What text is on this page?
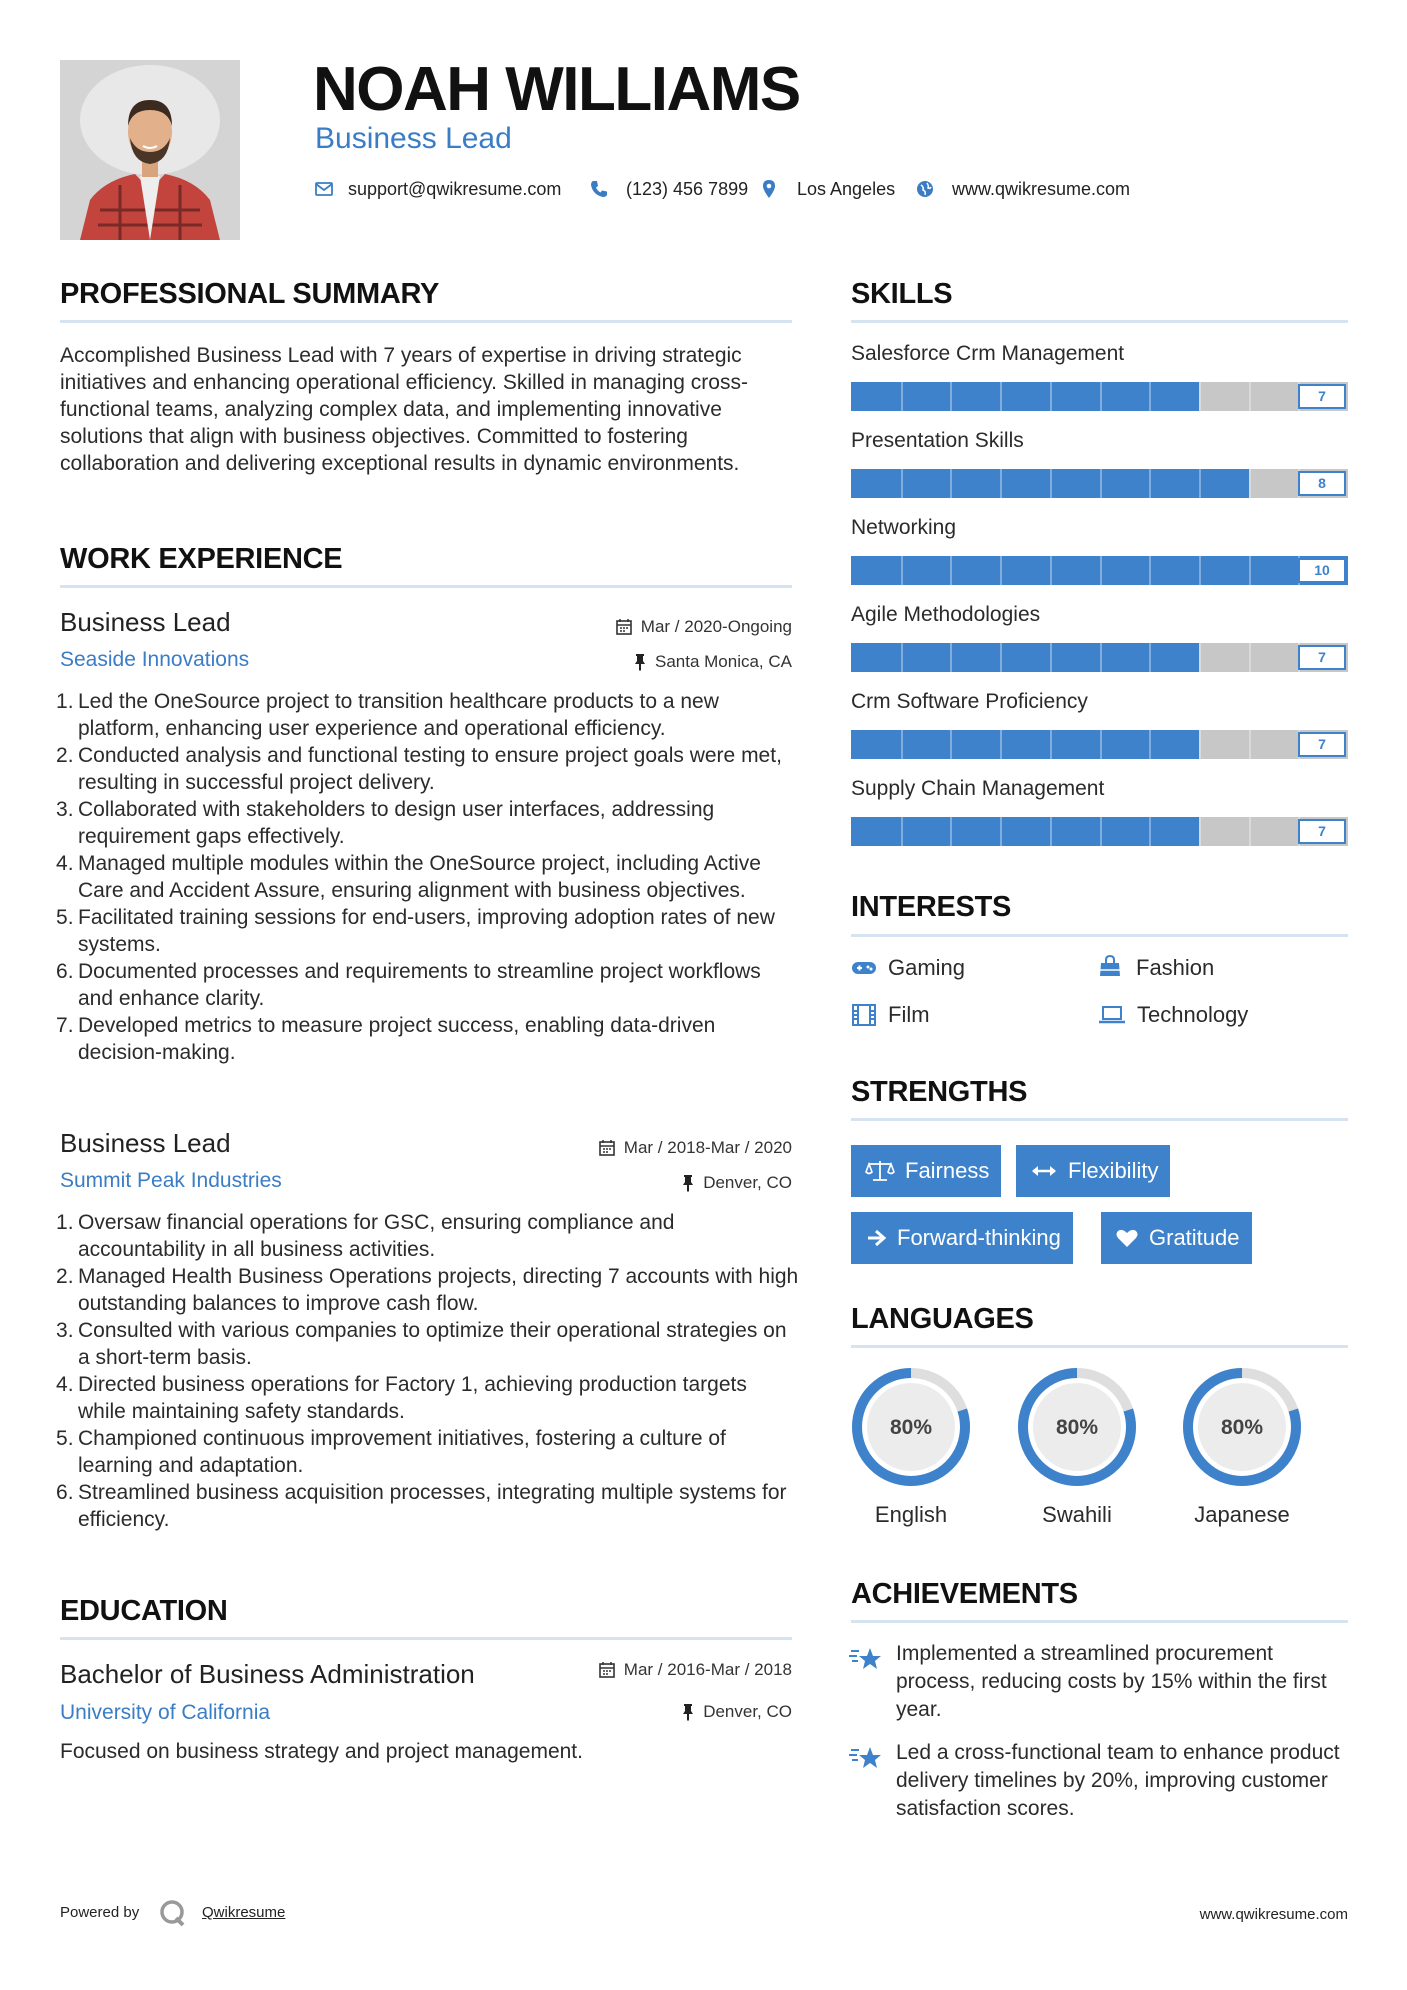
NOAH WILLIAMS
Business Lead
support@qwikresume.com	(123) 456 7899	Los Angeles	www.qwikresume.com
PROFESSIONAL SUMMARY
Accomplished Business Lead with 7 years of expertise in driving strategic initiatives and enhancing operational efficiency. Skilled in managing cross-functional teams, analyzing complex data, and implementing innovative solutions that align with business objectives. Committed to fostering collaboration and delivering exceptional results in dynamic environments.
WORK EXPERIENCE
Business Lead	Mar / 2020-Ongoing
Seaside Innovations	Santa Monica, CA
Led the OneSource project to transition healthcare products to a new platform, enhancing user experience and operational efficiency.
Conducted analysis and functional testing to ensure project goals were met, resulting in successful project delivery.
Collaborated with stakeholders to design user interfaces, addressing requirement gaps effectively.
Managed multiple modules within the OneSource project, including Active Care and Accident Assure, ensuring alignment with business objectives.
Facilitated training sessions for end-users, improving adoption rates of new systems.
Documented processes and requirements to streamline project workflows and enhance clarity.
Developed metrics to measure project success, enabling data-driven decision-making.
Business Lead	Mar / 2018-Mar / 2020
Summit Peak Industries	Denver, CO
Oversaw financial operations for GSC, ensuring compliance and accountability in all business activities.
Managed Health Business Operations projects, directing 7 accounts with high outstanding balances to improve cash flow.
Consulted with various companies to optimize their operational strategies on a short-term basis.
Directed business operations for Factory 1, achieving production targets while maintaining safety standards.
Championed continuous improvement initiatives, fostering a culture of learning and adaptation.
Streamlined business acquisition processes, integrating multiple systems for efficiency.
EDUCATION
Bachelor of Business Administration	Mar / 2016-Mar / 2018
University of California	Denver, CO
Focused on business strategy and project management.
SKILLS
Salesforce Crm Management
7
Presentation Skills
8
Networking
10
Agile Methodologies
7
Crm Software Proficiency
7
Supply Chain Management
7
INTERESTS
Gaming	Fashion
Film	Technology
STRENGTHS
Fairness	Flexibility
Forward-thinking	Gratitude
LANGUAGES
80%
English
80%
Swahili
80%
Japanese
ACHIEVEMENTS
Implemented a streamlined procurement process, reducing costs by 15% within the first year.
Led a cross-functional team to enhance product delivery timelines by 20%, improving customer satisfaction scores.
Powered by	Qwikresume	www.qwikresume.com
